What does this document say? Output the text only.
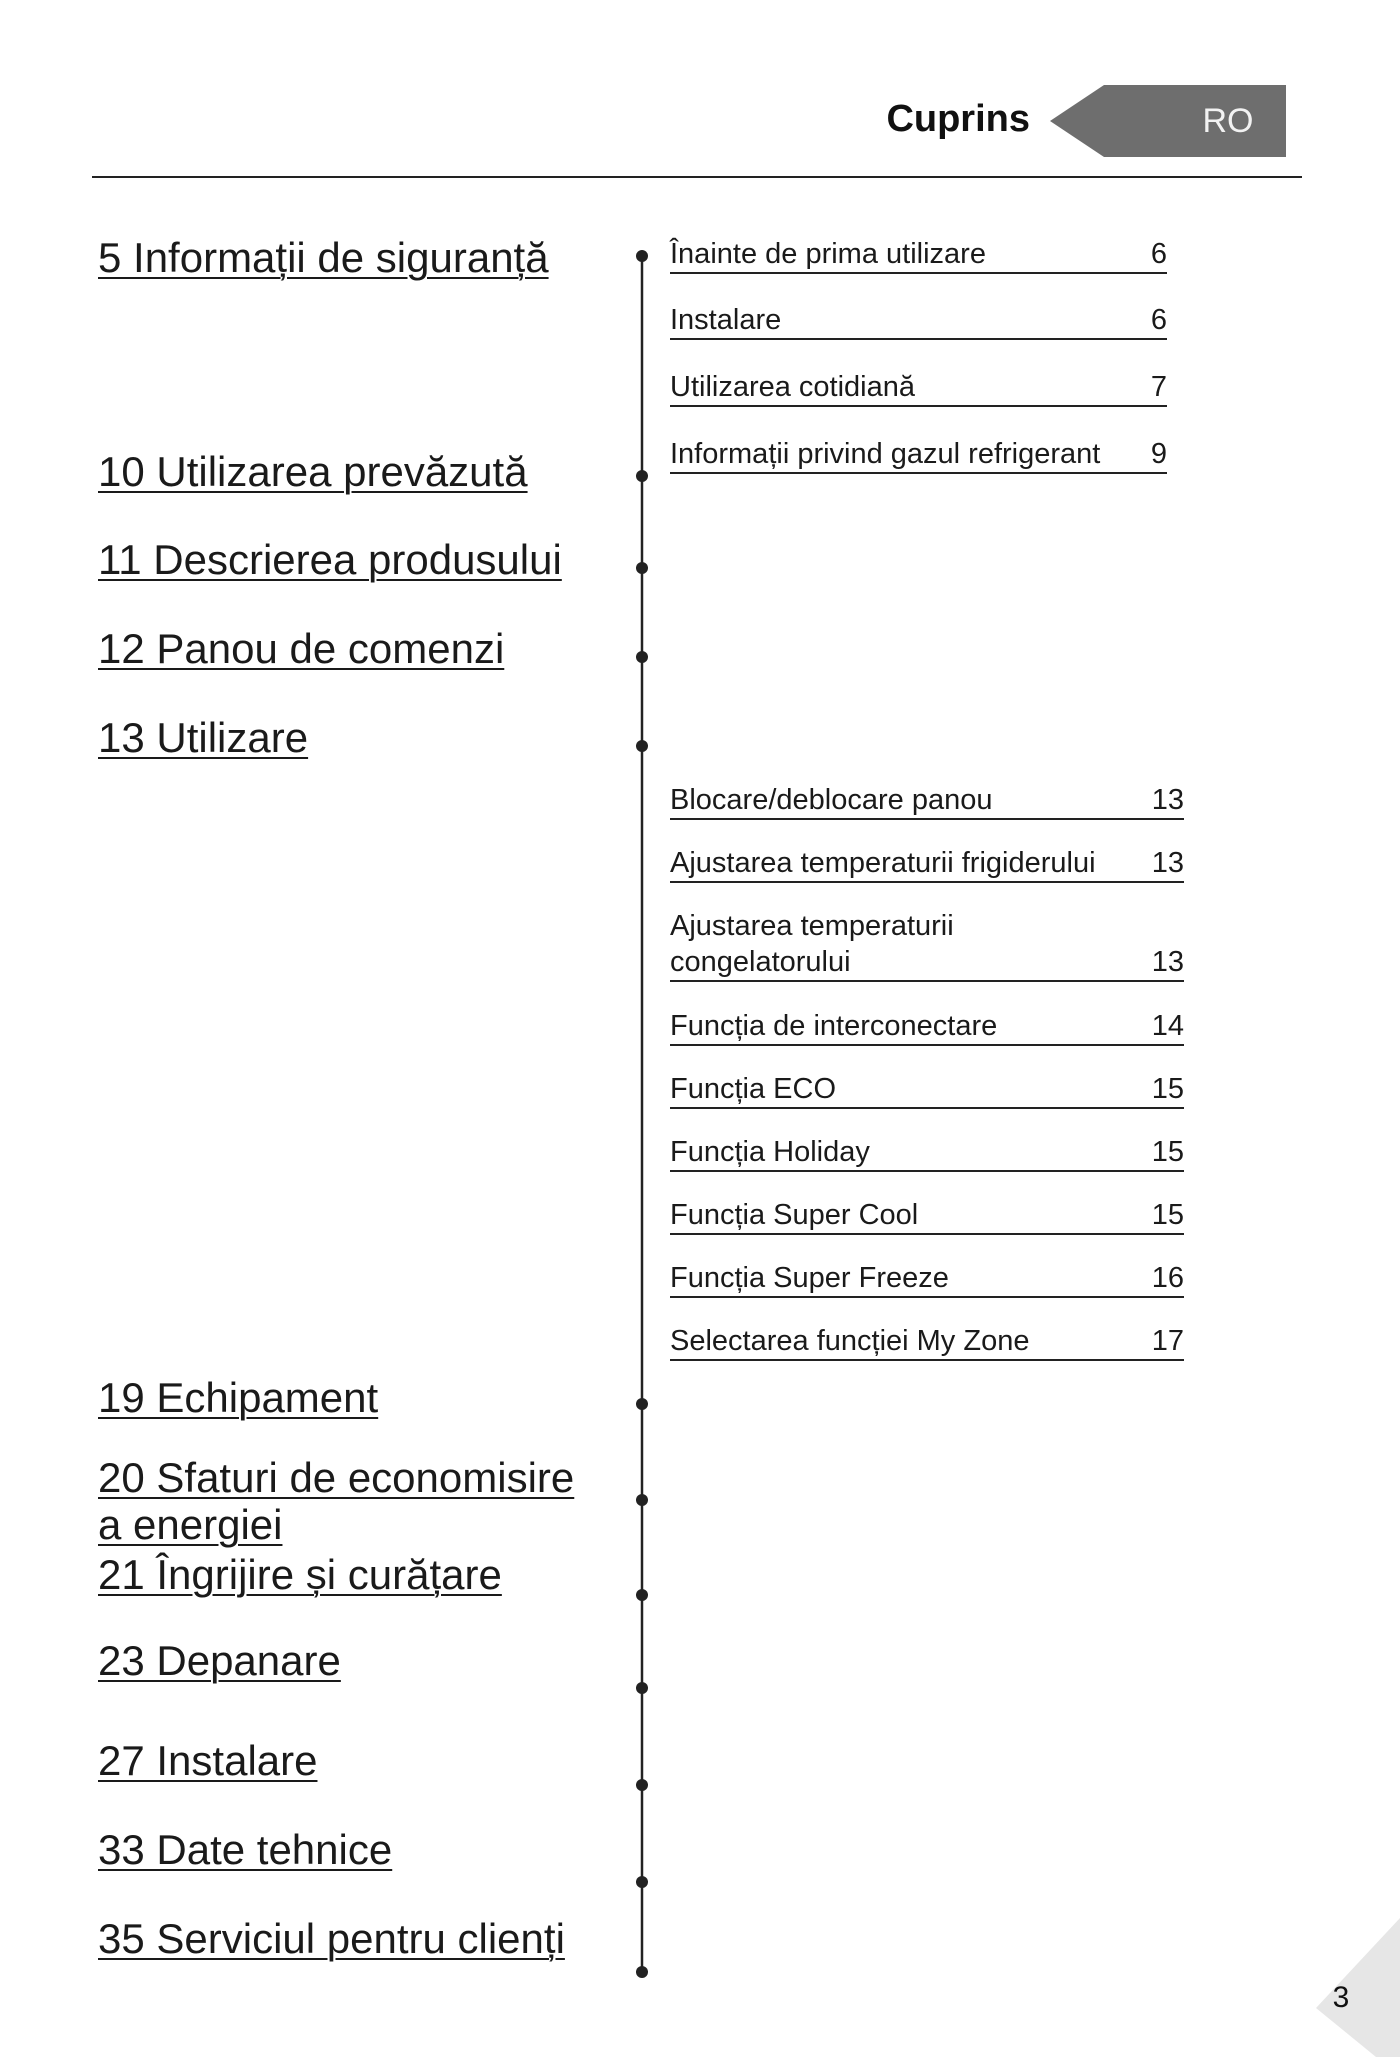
Cuprins	RO
5 Informații de siguranță
10 Utilizarea prevăzută
11 Descrierea produsului
12 Panou de comenzi
13 Utilizare
19 Echipament
20 Sfaturi de economisire a energiei
21 Îngrijire și curățare
23 Depanare
27 Instalare
33 Date tehnice
35 Serviciul pentru clienți
Înainte de prima utilizare	6
Instalare	6
Utilizarea cotidiană	7
Informații privind gazul refrigerant	9
Blocare/deblocare panou	13
Ajustarea temperaturii frigiderului	13
Ajustarea temperaturii congelatorului	13
Funcția de interconectare	14
Funcția ECO	15
Funcția Holiday	15
Funcția Super Cool	15
Funcția Super Freeze	16
Selectarea funcției My Zone	17
3
